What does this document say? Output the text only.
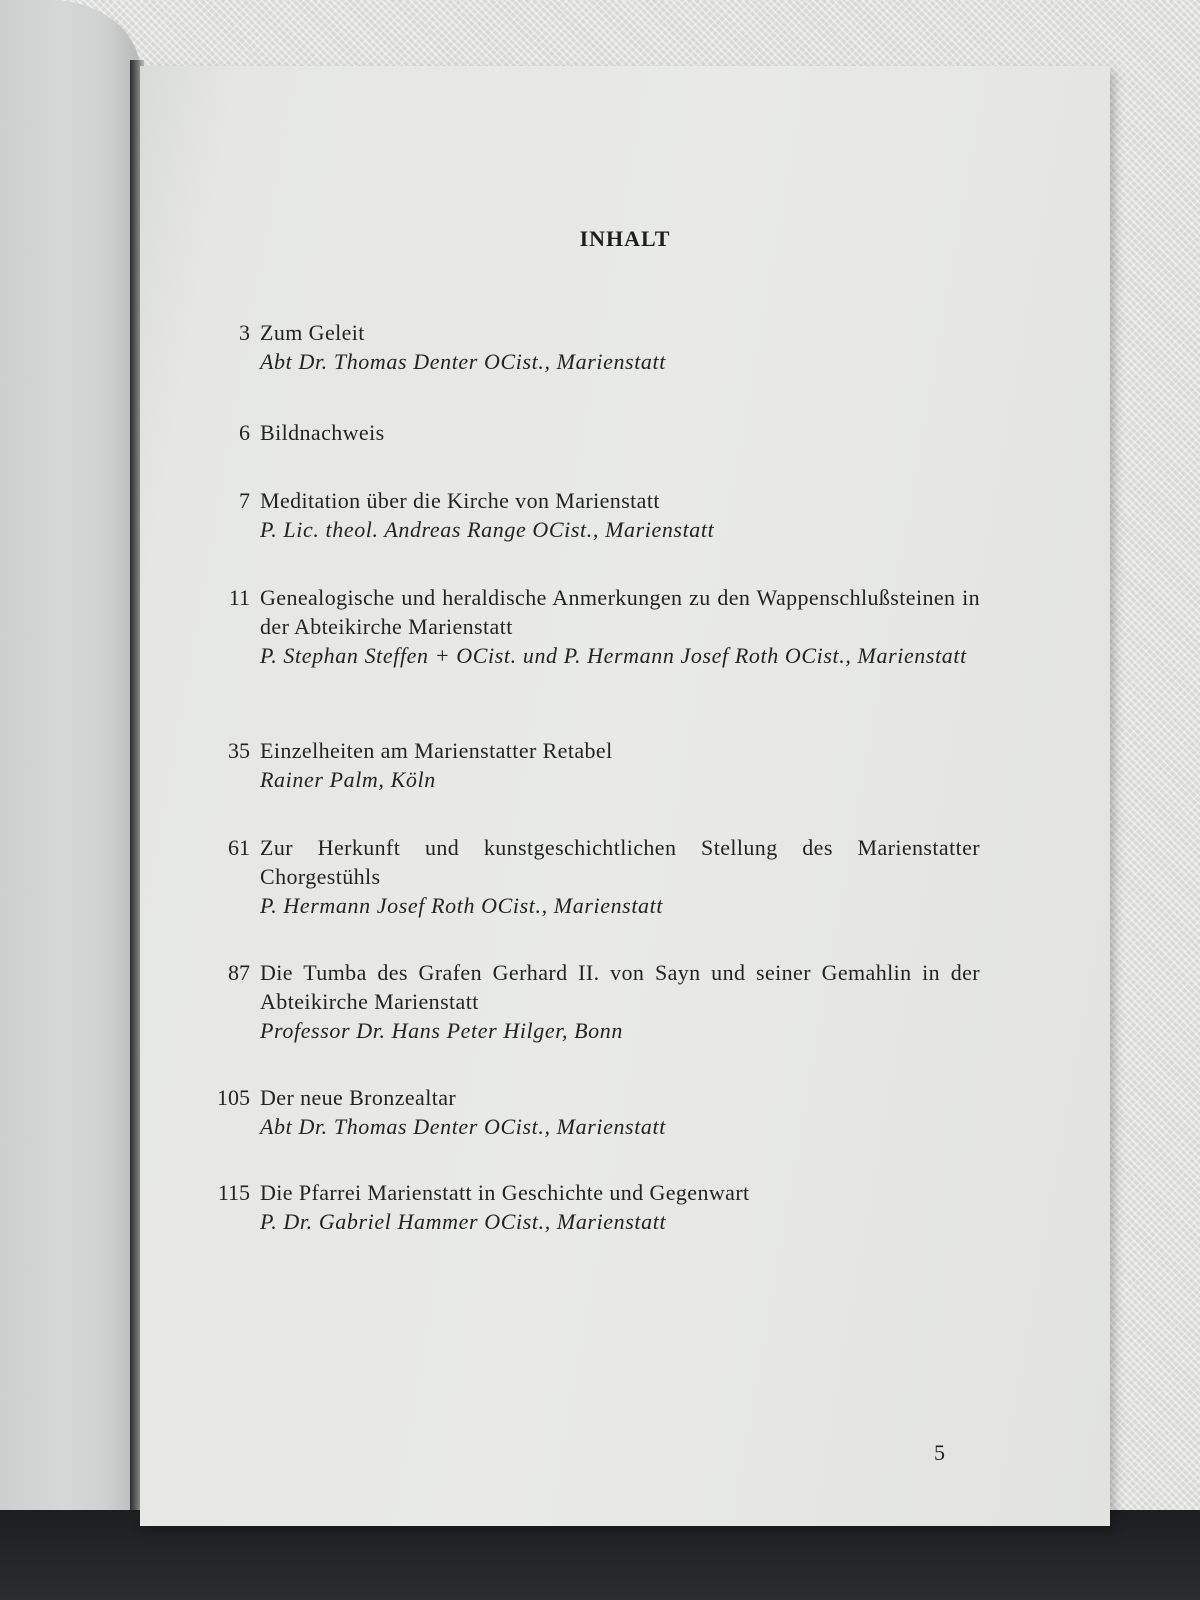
INHALT
3 Zum Geleit
Abt Dr. Thomas Denter OCist., Marienstatt
6 Bildnachweis
7 Meditation über die Kirche von Marienstatt
P. Lic. theol. Andreas Range OCist., Marienstatt
11 Genealogische und heraldische Anmerkungen zu den Wappenschlußsteinen in der Abteikirche Marienstatt
P. Stephan Steffen + OCist. und P. Hermann Josef Roth OCist., Marienstatt
35 Einzelheiten am Marienstatter Retabel
Rainer Palm, Köln
61 Zur Herkunft und kunstgeschichtlichen Stellung des Marienstatter Chorgestühls
P. Hermann Josef Roth OCist., Marienstatt
87 Die Tumba des Grafen Gerhard II. von Sayn und seiner Gemahlin in der Abteikirche Marienstatt
Professor Dr. Hans Peter Hilger, Bonn
105 Der neue Bronzealtar
Abt Dr. Thomas Denter OCist., Marienstatt
115 Die Pfarrei Marienstatt in Geschichte und Gegenwart
P. Dr. Gabriel Hammer OCist., Marienstatt
5
